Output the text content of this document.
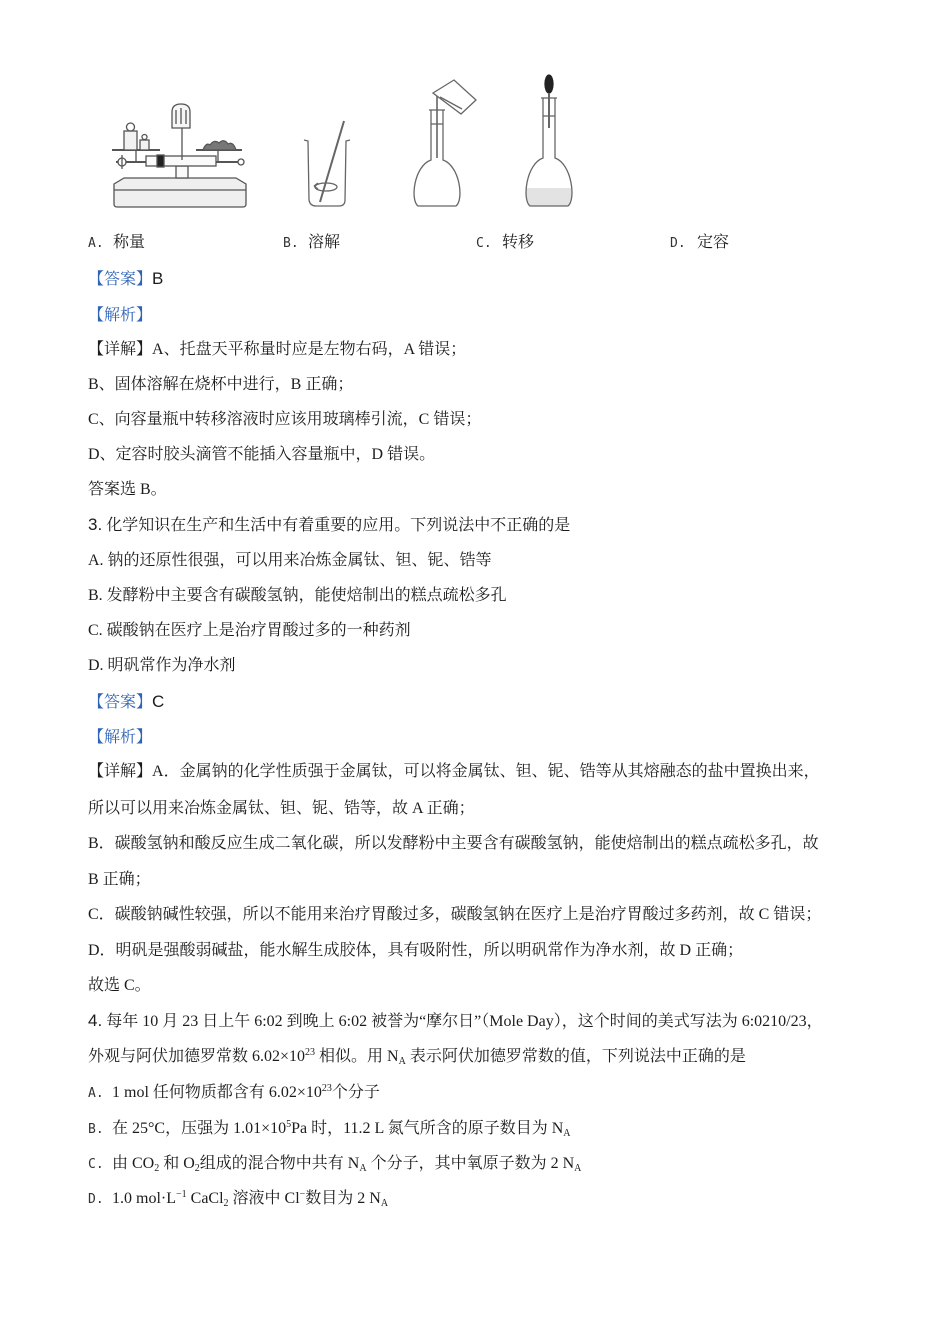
A. 称量	B. 溶解	C. 转移	D. 定容
【答案】B
【解析】
【详解】A、托盘天平称量时应是左物右码，A 错误；
B、固体溶解在烧杯中进行，B 正确；
C、向容量瓶中转移溶液时应该用玻璃棒引流，C 错误；
D、定容时胶头滴管不能插入容量瓶中，D 错误。
答案选 B。
3. 化学知识在生产和生活中有着重要的应用。下列说法中不正确的是
A. 钠的还原性很强，可以用来冶炼金属钛、钽、铌、锆等
B. 发酵粉中主要含有碳酸氢钠，能使焙制出的糕点疏松多孔
C. 碳酸钠在医疗上是治疗胃酸过多的一种药剂
D. 明矾常作为净水剂
【答案】C
【解析】
【详解】A．金属钠的化学性质强于金属钛，可以将金属钛、钽、铌、锆等从其熔融态的盐中置换出来，
所以可以用来冶炼金属钛、钽、铌、锆等，故 A 正确；
B．碳酸氢钠和酸反应生成二氧化碳，所以发酵粉中主要含有碳酸氢钠，能使焙制出的糕点疏松多孔，故
B 正确；
C．碳酸钠碱性较强，所以不能用来治疗胃酸过多，碳酸氢钠在医疗上是治疗胃酸过多药剂，故 C 错误；
D．明矾是强酸弱碱盐，能水解生成胶体，具有吸附性，所以明矾常作为净水剂，故 D 正确；
故选 C。
4. 每年 10 月 23 日上午 6:02 到晚上 6:02 被誉为“摩尔日”（Mole Day），这个时间的美式写法为 6:0210/23，
外观与阿伏加德罗常数 $6.02\times 10^{23}$ 相似。用 $N_A$ 表示阿伏加德罗常数的值，下列说法中正确的是
A. 1 mol 任何物质都含有 $6.02\times 10^{23}$个分子
B. 在 25°C，压强为 $1.01\times 10^5Pa$ 时，11.2 L 氮气所含的原子数目为 $N_A$
C. 由 $CO_2$ 和 $O_2$组成的混合物中共有 $N_A$ 个分子，其中氧原子数为 2 $N_A$
D. 1.0 $mol\cdot L^{-1}$ CaCl$_2$ 溶液中 Cl−数目为 2 $N_A$
